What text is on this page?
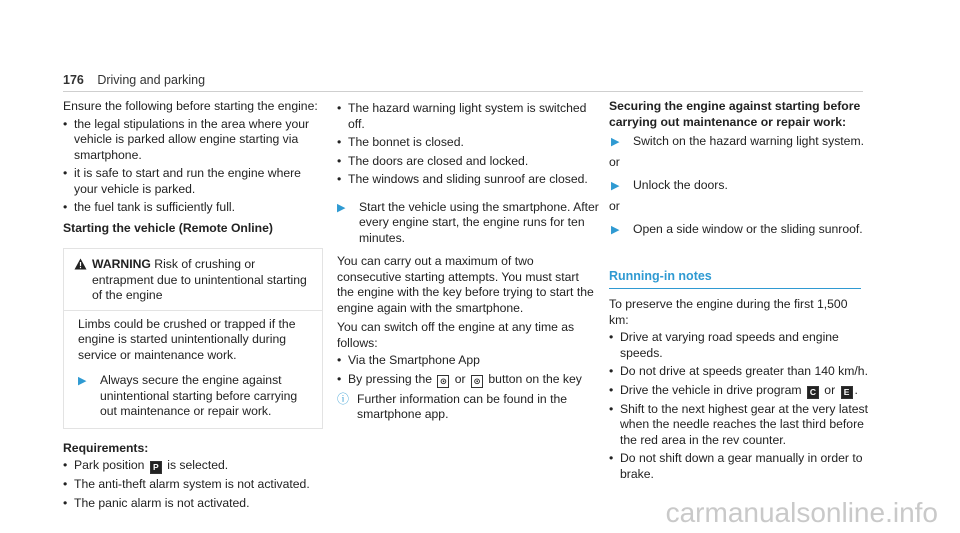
176 Driving and parking

Ensure the following before starting the engine:

• the legal stipulations in the area where your vehicle is parked allow engine starting via smartphone.
• it is safe to start and run the engine where your vehicle is parked.
• the fuel tank is sufficiently full.

Starting the vehicle (Remote Online)

WARNING Risk of crushing or entrapment due to unintentional starting of the engine

Limbs could be crushed or trapped if the engine is started unintentionally during service or maintenance work.

▶	Always secure the engine against unintentional starting before carrying out maintenance or repair work.

Requirements:

• Park position P is selected.
• The anti-theft alarm system is not activated.
• The panic alarm is not activated.
• The hazard warning light system is switched off.
• The bonnet is closed.
• The doors are closed and locked.
• The windows and sliding sunroof are closed.
▶	Start the vehicle using the smartphone. After every engine start, the engine runs for ten minutes.

You can carry out a maximum of two consecutive starting attempts. You must start the engine with the key before trying to start the engine again with the smartphone.

You can switch off the engine at any time as follows:

• Via the Smartphone App
• By pressing the ⊙ or ⊙ button on the key
ⓘ Further information can be found in the smartphone app.

Securing the engine against starting before carrying out maintenance or repair work:

▶	Switch on the hazard warning light system.

or

▶	Unlock the doors.

or

▶	Open a side window or the sliding sunroof.
Running-in notes

To preserve the engine during the first 1,500 km:

• Drive at varying road speeds and engine speeds.
• Do not drive at speeds greater than 140 km/h.
• Drive the vehicle in drive program C or E .
• Shift to the next highest gear at the very latest when the needle reaches the last third before the red area in the rev counter.
• Do not shift down a gear manually in order to brake.
carmanualsonline.info
